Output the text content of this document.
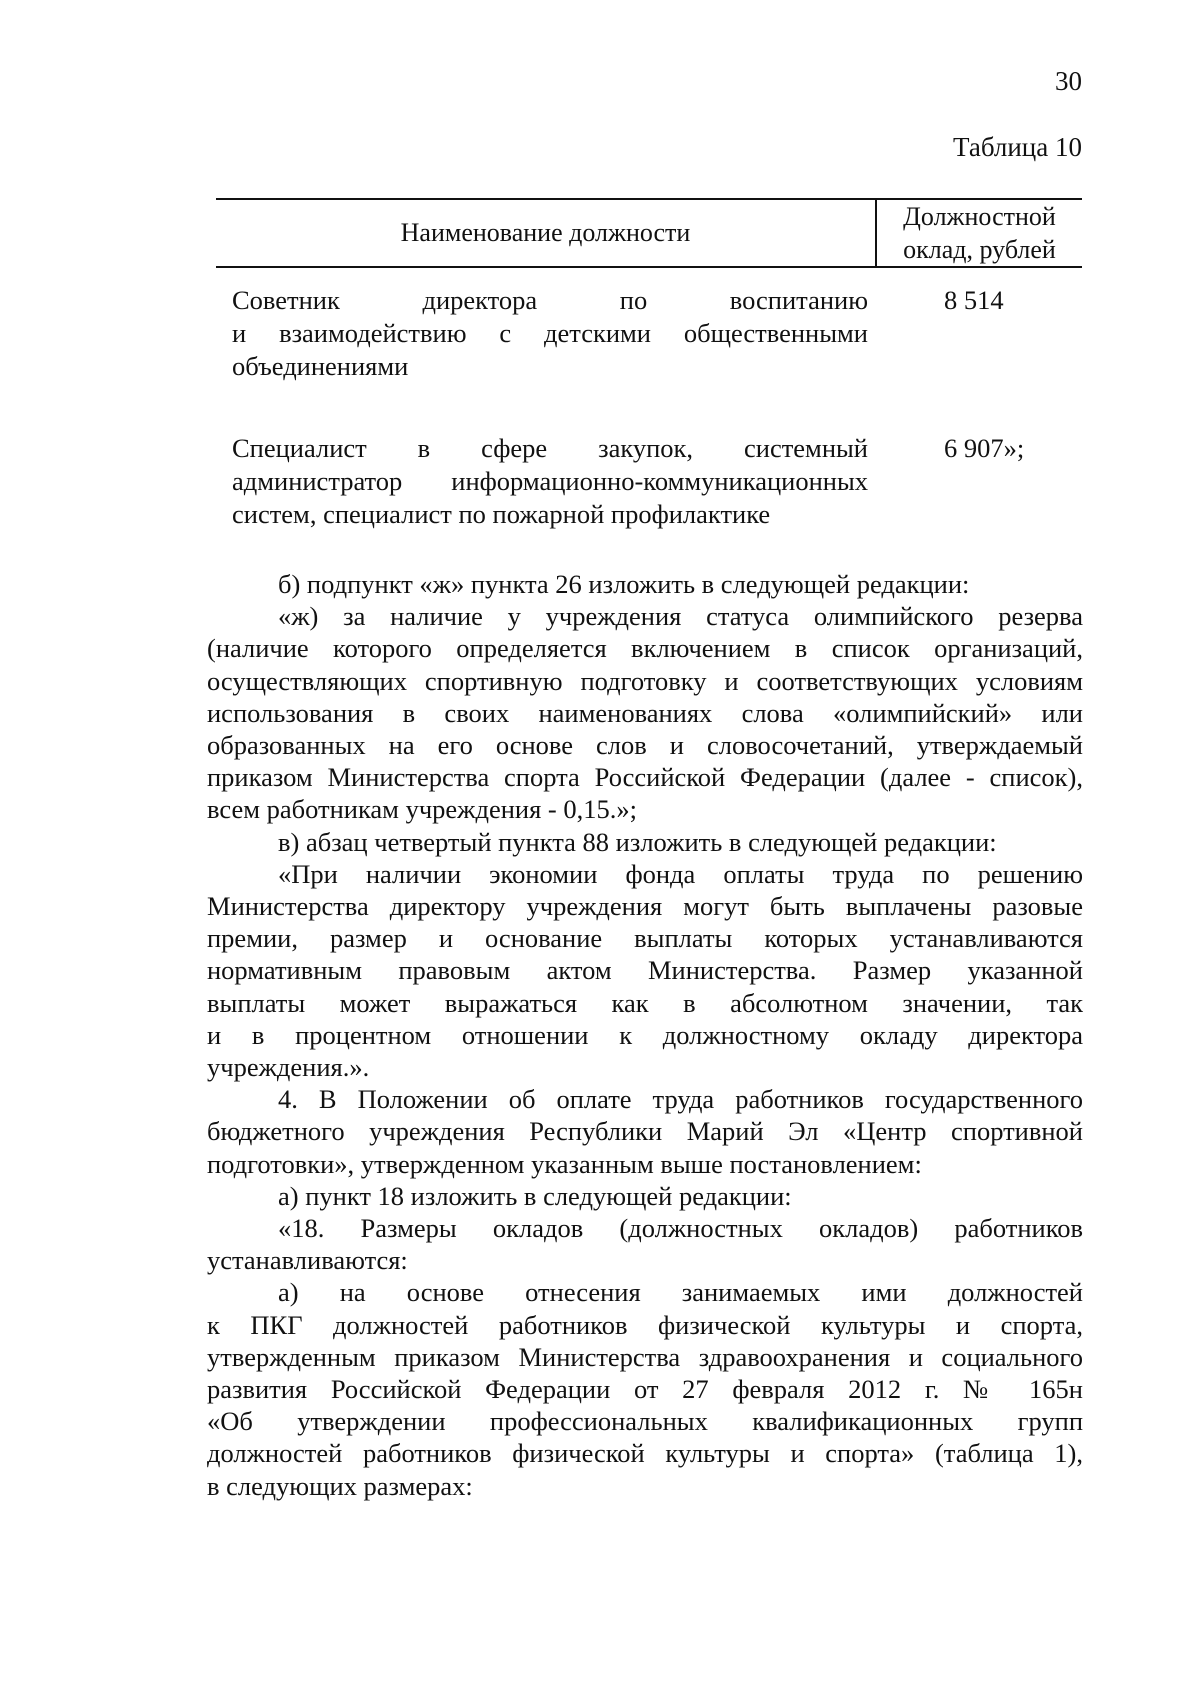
30
Таблица 10
Наименование должности
Должностной
оклад, рублей
Советник директора по воспитанию
и взаимодействию с детскими общественными
объединениями
8 514
Специалист в сфере закупок, системный
администратор информационно-коммуникационных
систем, специалист по пожарной профилактике
6 907»;
б) подпункт «ж» пункта 26 изложить в следующей редакции:
«ж) за наличие у учреждения статуса олимпийского резерва
(наличие которого определяется включением в список организаций,
осуществляющих спортивную подготовку и соответствующих условиям
использования в своих наименованиях слова «олимпийский» или
образованных на его основе слов и словосочетаний, утверждаемый
приказом Министерства спорта Российской Федерации (далее - список),
всем работникам учреждения - 0,15.»;
в) абзац четвертый пункта 88 изложить в следующей редакции:
«При наличии экономии фонда оплаты труда по решению
Министерства директору учреждения могут быть выплачены разовые
премии, размер и основание выплаты которых устанавливаются
нормативным правовым актом Министерства. Размер указанной
выплаты может выражаться как в абсолютном значении, так
и в процентном отношении к должностному окладу директора
учреждения.».
4. В Положении об оплате труда работников государственного
бюджетного учреждения Республики Марий Эл «Центр спортивной
подготовки», утвержденном указанным выше постановлением:
а) пункт 18 изложить в следующей редакции:
«18. Размеры окладов (должностных окладов) работников
устанавливаются:
а) на основе отнесения занимаемых ими должностей
к ПКГ должностей работников физической культуры и спорта,
утвержденным приказом Министерства здравоохранения и социального
развития Российской Федерации от 27 февраля 2012 г. № 165н
«Об утверждении профессиональных квалификационных групп
должностей работников физической культуры и спорта» (таблица 1),
в следующих размерах:
